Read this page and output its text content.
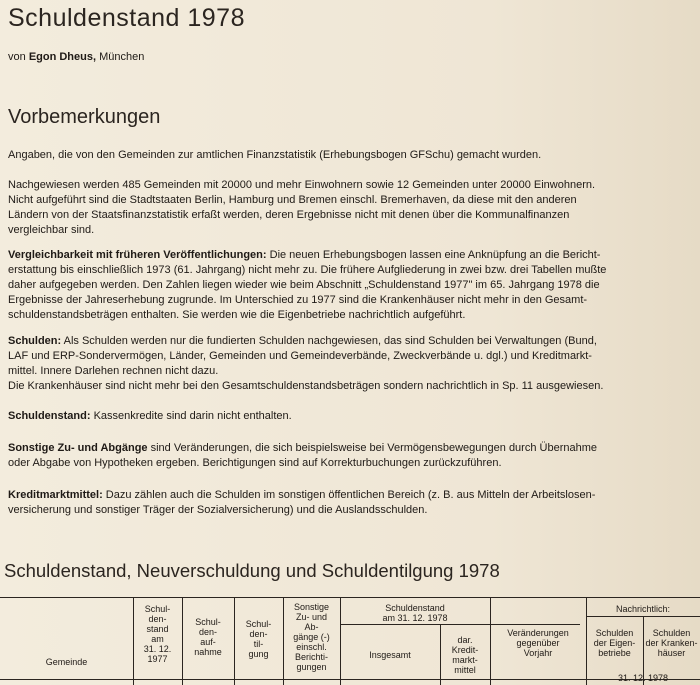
Schuldenstand 1978
von Egon Dheus, München
Vorbemerkungen
Angaben, die von den Gemeinden zur amtlichen Finanzstatistik (Erhebungsbogen GFSchu) gemacht wurden.
Nachgewiesen werden 485 Gemeinden mit 20000 und mehr Einwohnern sowie 12 Gemeinden unter 20000 Einwohnern.
Nicht aufgeführt sind die Stadtstaaten Berlin, Hamburg und Bremen einschl. Bremerhaven, da diese mit den anderen
Ländern von der Staatsfinanzstatistik erfaßt werden, deren Ergebnisse nicht mit denen über die Kommunalfinanzen
vergleichbar sind.
Vergleichbarkeit mit früheren Veröffentlichungen: Die neuen Erhebungsbogen lassen eine Anknüpfung an die Bericht-
erstattung bis einschließlich 1973 (61. Jahrgang) nicht mehr zu. Die frühere Aufgliederung in zwei bzw. drei Tabellen mußte
daher aufgegeben werden. Den Zahlen liegen wieder wie beim Abschnitt „Schuldenstand 1977" im 65. Jahrgang 1978 die
Ergebnisse der Jahreserhebung zugrunde. Im Unterschied zu 1977 sind die Krankenhäuser nicht mehr in den Gesamt-
schuldenstandsbeträgen enthalten. Sie werden wie die Eigenbetriebe nachrichtlich aufgeführt.
Schulden: Als Schulden werden nur die fundierten Schulden nachgewiesen, das sind Schulden bei Verwaltungen (Bund,
LAF und ERP-Sondervermögen, Länder, Gemeinden und Gemeindeverbände, Zweckverbände u. dgl.) und Kreditmarkt-
mittel. Innere Darlehen rechnen nicht dazu.
Die Krankenhäuser sind nicht mehr bei den Gesamtschuldenstandsbeträgen sondern nachrichtlich in Sp. 11 ausgewiesen.
Schuldenstand: Kassenkredite sind darin nicht enthalten.
Sonstige Zu- und Abgänge sind Veränderungen, die sich beispielsweise bei Vermögensbewegungen durch Übernahme
oder Abgabe von Hypotheken ergeben. Berichtigungen sind auf Korrekturbuchungen zurückzuführen.
Kreditmarktmittel: Dazu zählen auch die Schulden im sonstigen öffentlichen Bereich (z. B. aus Mitteln der Arbeitslosen-
versicherung und sonstiger Träger der Sozialversicherung) und die Auslandsschulden.
Schuldenstand, Neuverschuldung und Schuldentilgung 1978
Gemeinde
Schul-
den-
stand
am
31. 12.
1977
Schul-
den-
auf-
nahme
Schul-
den-
til-
gung
Sonstige
Zu- und
Ab-
gänge (-)
einschl.
Berichti-
gungen
Schuldenstand
am 31. 12. 1978
Insgesamt
dar.
Kredit-
markt-
mittel
Veränderungen
gegenüber
Vorjahr
Nachrichtlich:
Schulden
der Eigen-
betriebe
Schulden
der Kranken-
häuser
31. 12. 1978
